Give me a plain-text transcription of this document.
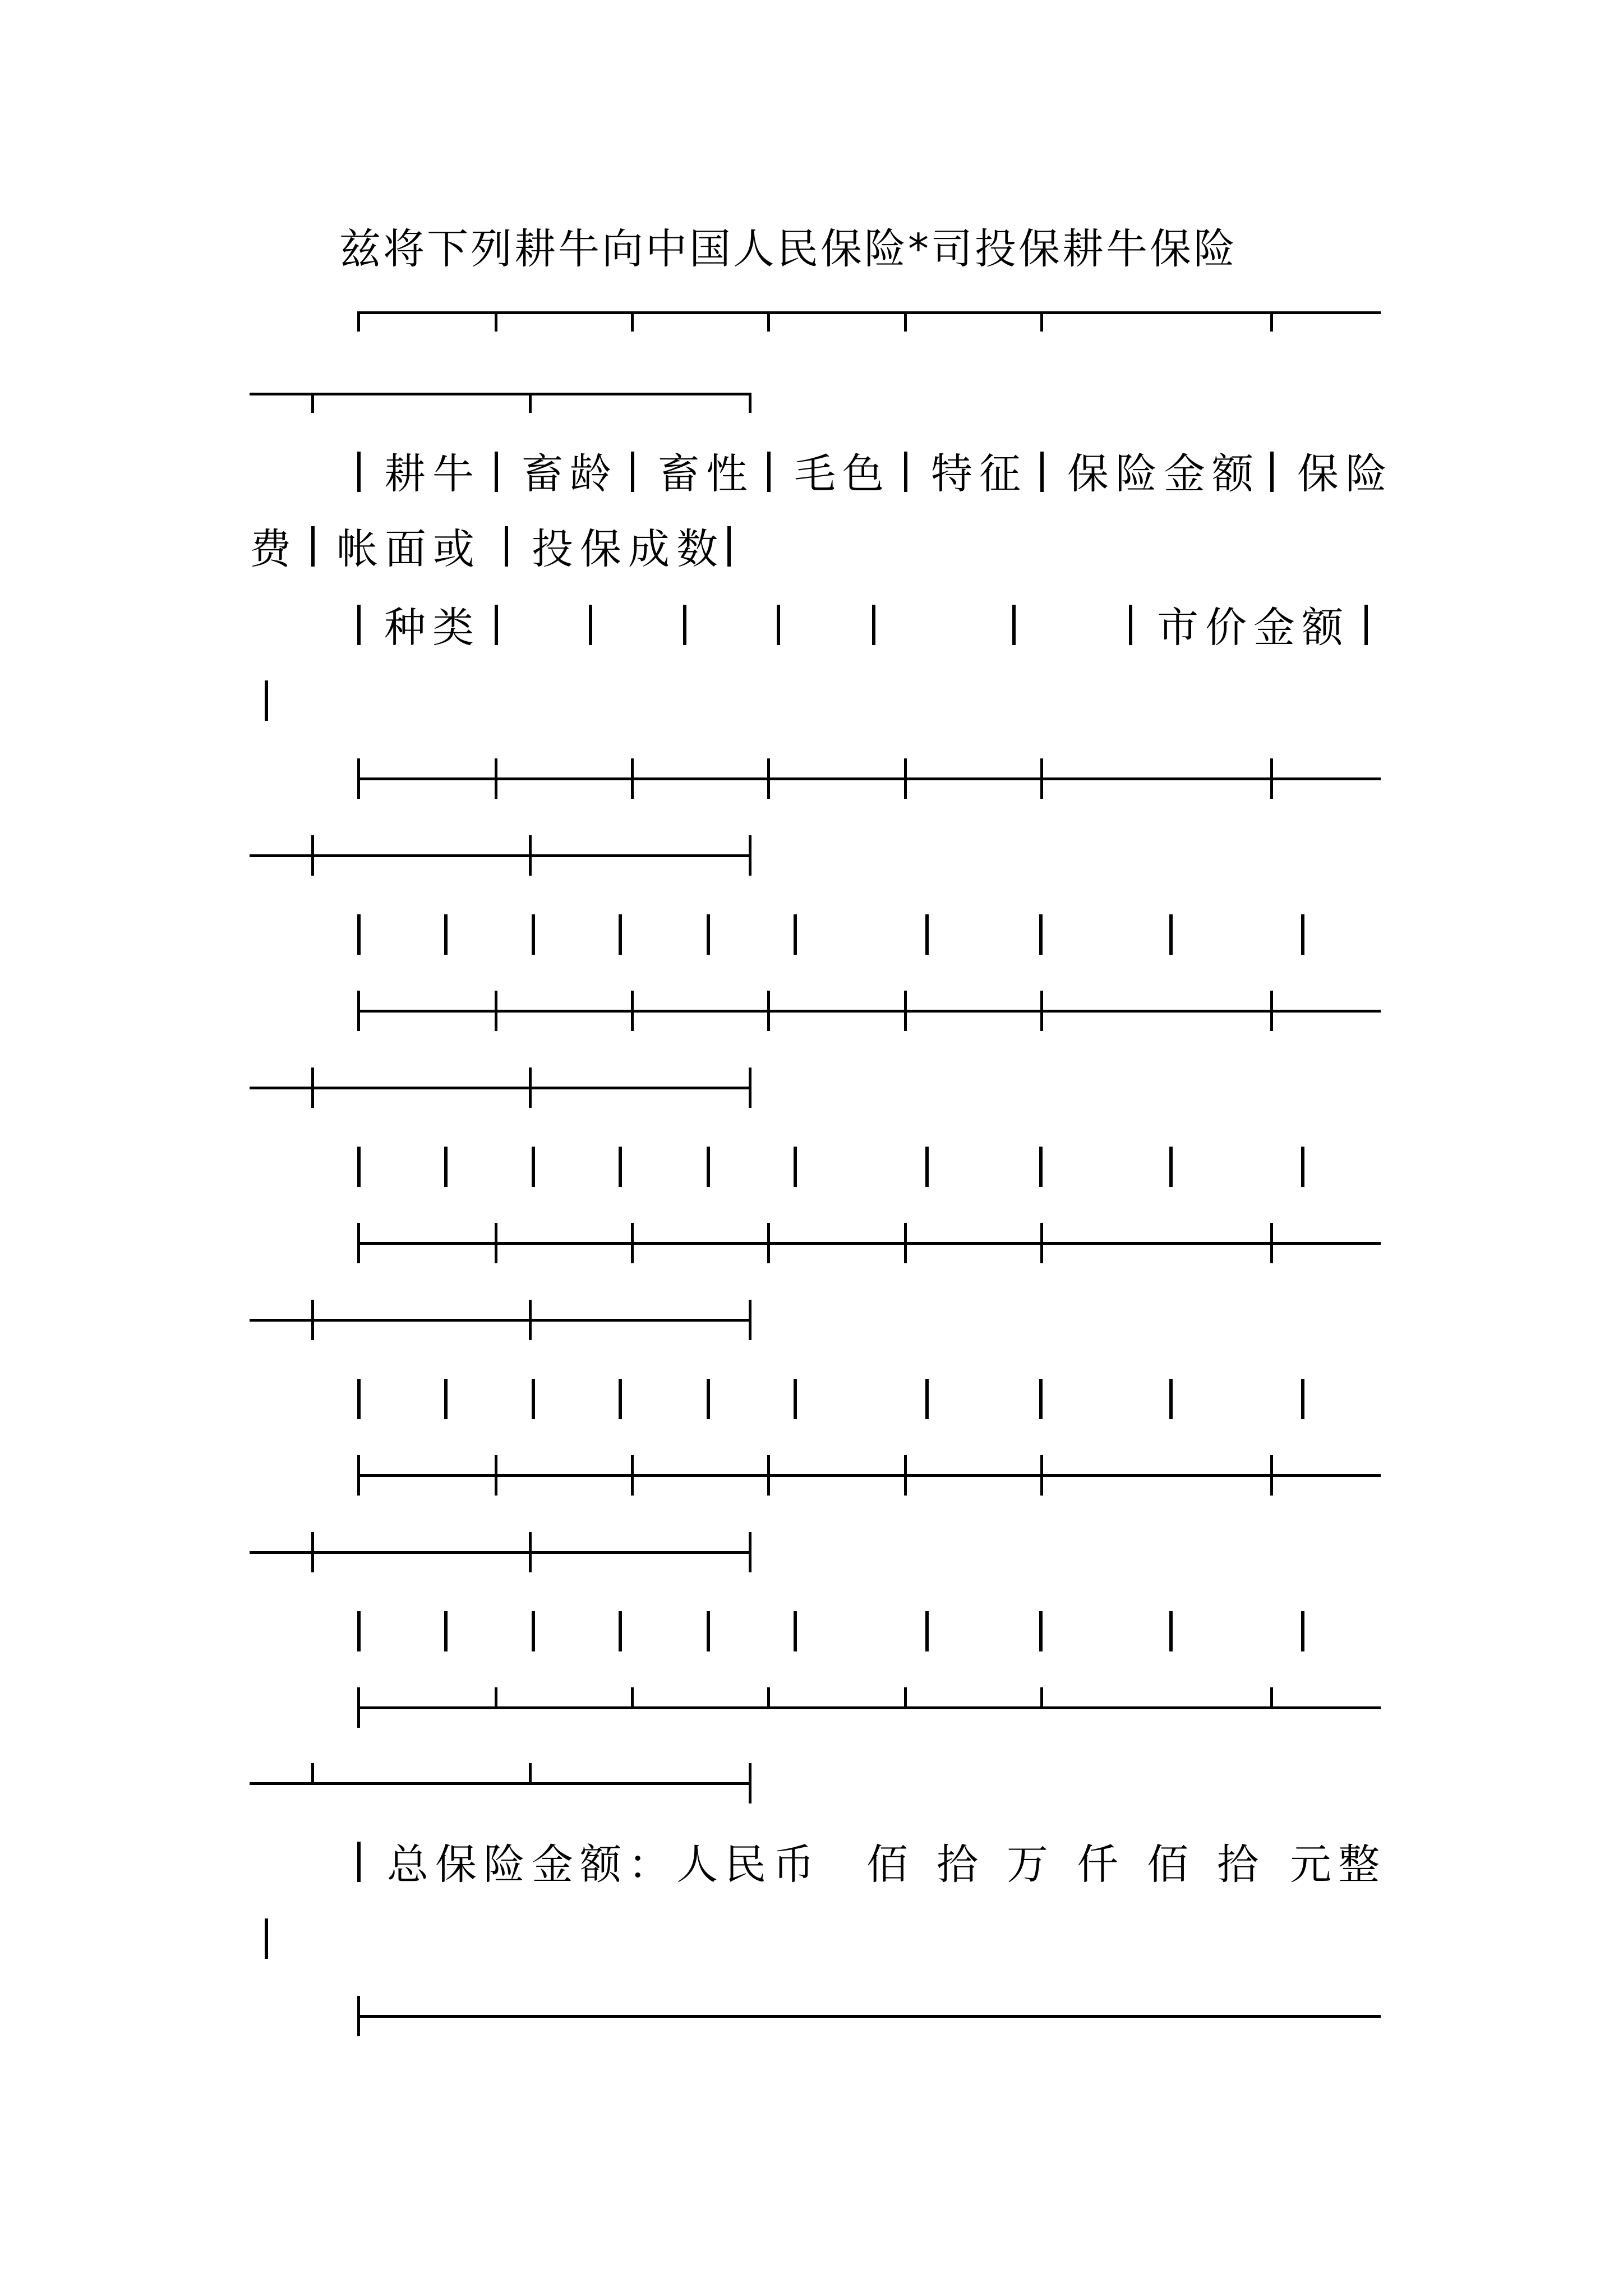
兹将下列耕牛向中国人民保险*司投保耕牛保险
耕牛 畜龄 畜性 毛色 特征 保险金额 保险
费 帐面或 投保成数
种类	市价金额
总保险金额：人民币 佰 拾 万 仟 佰 拾 元整
